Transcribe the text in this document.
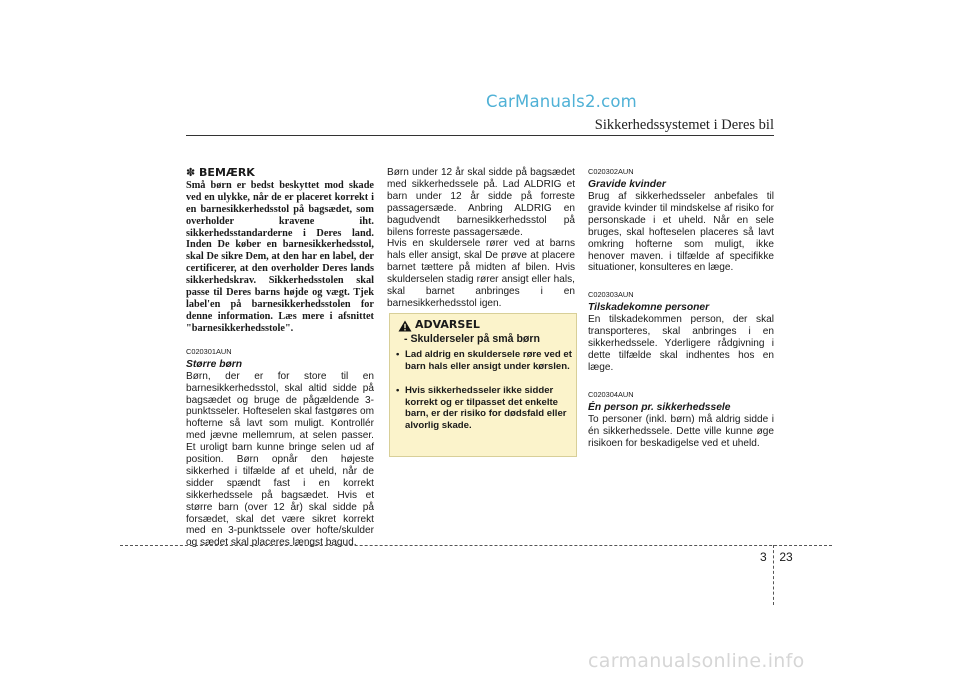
CarManuals2.com
Sikkerhedssystemet i Deres bil
✽ BEMÆRK

Små børn er bedst beskyttet mod skade ved en ulykke, når de er placeret korrekt i en barnesikkerhedsstol på bagsædet, som overholder kravene iht. sikkerhedsstandarderne i Deres land. Inden De køber en barnesikkerhedsstol, skal De sikre Dem, at den har en label, der certificerer, at den overholder Deres lands sikkerhedskrav. Sikkerhedsstolen skal passe til Deres barns højde og vægt. Tjek label'en på barnesikkerhedsstolen for denne information. Læs mere i afsnittet "barnesikkerhedsstole".

C020301AUN
Større børn

Børn, der er for store til en barnesikkerhedsstol, skal altid sidde på bagsædet og bruge de pågældende 3-punktsseler. Hofteselen skal fastgøres om hofterne så lavt som muligt. Kontrollér med jævne mellemrum, at selen passer. Et uroligt barn kunne bringe selen ud af position. Børn opnår den højeste sikkerhed i tilfælde af et uheld, når de sidder spændt fast i en korrekt sikkerhedssele på bagsædet. Hvis et større barn (over 12 år) skal sidde på forsædet, skal det være sikret korrekt med en 3-punktssele over hofte/skulder og sædet skal placeres længst bagud.

Børn under 12 år skal sidde på bagsædet med sikkerhedssele på. Lad ALDRIG et barn under 12 år sidde på forreste passagersæde. Anbring ALDRIG en bagudvendt barnesikkerhedsstol på bilens forreste passagersæde.

Hvis en skuldersele rører ved at barns hals eller ansigt, skal De prøve at placere barnet tættere på midten af bilen. Hvis skulderselen stadig rører ansigt eller hals, skal barnet anbringes i en barnesikkerhedsstol igen.

ADVARSEL
- Skulderseler på små børn
• Lad aldrig en skuldersele røre ved et barn hals eller ansigt under kørslen.
• Hvis sikkerhedsseler ikke sidder korrekt og er tilpasset det enkelte barn, er der risiko for dødsfald eller alvorlig skade.
C020302AUN
Gravide kvinder

Brug af sikkerhedsseler anbefales til gravide kvinder til mindskelse af risiko for personskade i et uheld. Når en sele bruges, skal hofteselen placeres så lavt omkring hofterne som muligt, ikke henover maven. i tilfælde af specifikke situationer, konsulteres en læge.

C020303AUN
Tilskadekomne personer

En tilskadekommen person, der skal transporteres, skal anbringes i en sikkerhedssele. Yderligere rådgivning i dette tilfælde skal indhentes hos en læge.

C020304AUN
Én person pr. sikkerhedssele

To personer (inkl. børn) må aldrig sidde i én sikkerhedssele. Dette ville kunne øge risikoen for beskadigelse ved et uheld.

3 23
carmanualsonline.info
